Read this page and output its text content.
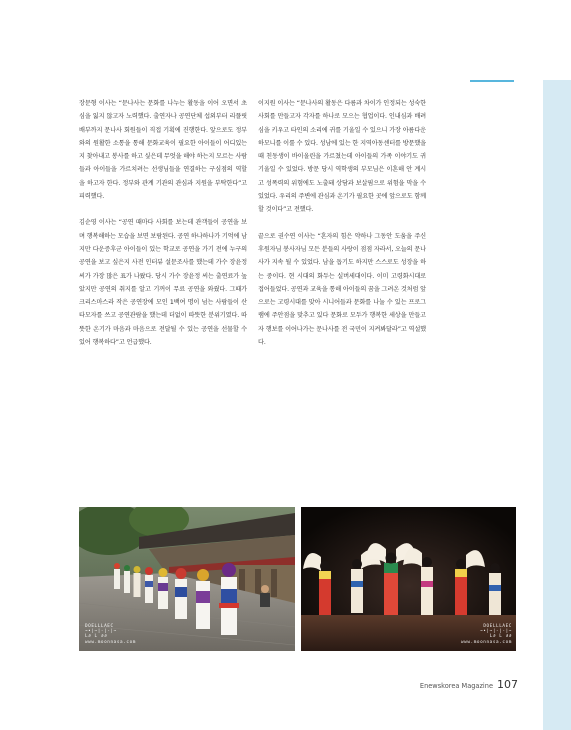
장문형 이사는 “문나사는 문화를 나누는 활동을 이어 오면서 초심을 잃지 않고자 노력했다. 출연자나 공연단체 섭외부터 리플릿 배부까지 문나사 회원들이 직접 기획에 진행한다. 앞으로도 정부와의 원활한 소통을 통해 문화교육이 필요한 아이들이 어디있는지 찾아내고 봉사를 하고 싶은데 무엇을 해야 하는지 모르는 사람들과 아이들을 가르치려는 선생님들을 연결하는 구심점의 역할을 하고자 한다. 정부와 관계 기관의 관심과 지원을 부탁한다”고 피력했다.

김순영 이사는 “공연 때마다 사회를 보는데 관객들이 공연을 보며 행복해하는 모습을 보면 보람된다. 공연 하나하나가 기억에 남지만 다운증후군 아이들이 있는 학교로 공연을 가기 전에 누구의 공연을 보고 싶은지 사전 인터뷰 설문조사를 했는데 가수 장윤정 씨가 가장 많은 표가 나왔다. 당시 가수 장윤정 씨는 출연료가 높았지만 공연의 취지를 알고 기꺼이 무료 공연을 와줬다. 그때가 크리스마스라 작은 공연장에 모인 1백여 명이 넘는 사람들이 산타모자를 쓰고 공연관람을 했는데 더없이 따뜻한 분위기였다. 따뜻한 온기가 마음과 마음으로 전달될 수 있는 공연을 선물할 수 있어 행복하다”고 언급했다.

이지원 이사는 “문나사의 활동은 다름과 차이가 인정되는 성숙한 사회를 만들고자 각자를 하나로 모으는 협업이다. 인내심과 배려심을 키우고 타인의 소리에 귀를 기울일 수 있으니 가장 아름다운 하모니를 이룰 수 있다. 성남에 있는 한 지역아동센터를 방문했을 때 친동생이 바이올린을 가르쳤는데 아이들의 가족 이야기도 귀 기울일 수 있었다. 방문 당시 역학생의 부모님은 이혼해 안 계시고 성폭력의 위험에도 노출돼 상담과 보살핌으로 위험을 막을 수 있었다. 우리의 주변에 관심과 온기가 필요한 곳에 앞으로도 함께 할 것이다”고 전했다.

끝으로 권수연 이사는 “혼자의 힘은 약하나 그동안 도움을 주신 후원자님 봉사자님 모든 분들의 사랑이 점점 자라서, 오늘의 문나사가 지속 될 수 있었다. 남을 돕기도 하지만 스스로도 성장을 하는 중이다. 현 시대의 화두는 실버세대이다. 이미 고령화시대로 접어들었다. 공연과 교육을 통해 아이들의 꿈을 그려온 것처럼 앞으로는 고령시대를 맞아 시니어들과 문화를 나눌 수 있는 프로그램에 주안점을 맞추고 있다 문화로 모두가 행복한 세상을 만들고자 행보를 이어나가는 문나사를 전 국민이 지켜봐달라”고 역설했다.

DOELLLAEC
~•|~|-|-|~
L∂ L ∂∂
www.moonnasa.com
DOELLLAEC
~•|~|-|-|~
L∂ L ∂∂
www.moonnasa.com
Enewskorea Magazine 107
